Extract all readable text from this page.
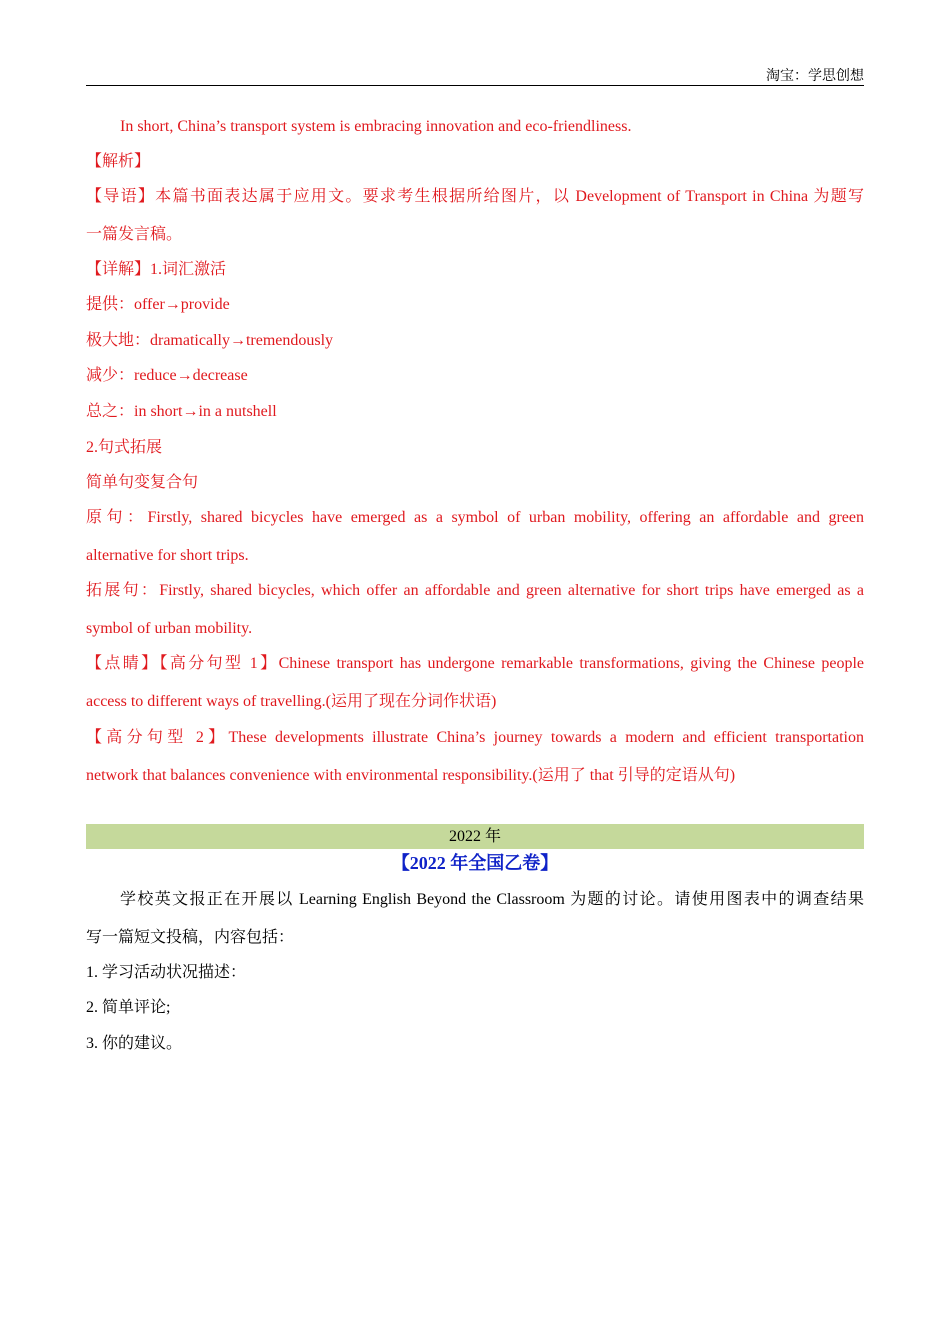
淘宝：学思创想
In short, China’s transport system is embracing innovation and eco-friendliness.
【解析】
【导语】本篇书面表达属于应用文。要求考生根据所给图片，以 Development of Transport in China 为题写
一篇发言稿。
【详解】1.词汇激活
提供：offer→provide
极大地：dramatically→tremendously
减少：reduce→decrease
总之：in short→in a nutshell
2.句式拓展
简单句变复合句
原句：Firstly, shared bicycles have emerged as a symbol of urban mobility, offering an affordable and green
alternative for short trips.
拓展句：Firstly, shared bicycles, which offer an affordable and green alternative for short trips have emerged as a
symbol of urban mobility.
【点睛】【高分句型 1】Chinese transport has undergone remarkable transformations, giving the Chinese people
access to different ways of travelling.(运用了现在分词作状语)
【高分句型 2】These developments illustrate China’s journey towards a modern and efficient transportation
network that balances convenience with environmental responsibility.(运用了 that 引导的定语从句)
2022 年
【2022 年全国乙卷】
学校英文报正在开展以 Learning English Beyond the Classroom 为题的讨论。请使用图表中的调查结果
写一篇短文投稿，内容包括：
1. 学习活动状况描述：
2. 简单评论;
3. 你的建议。
